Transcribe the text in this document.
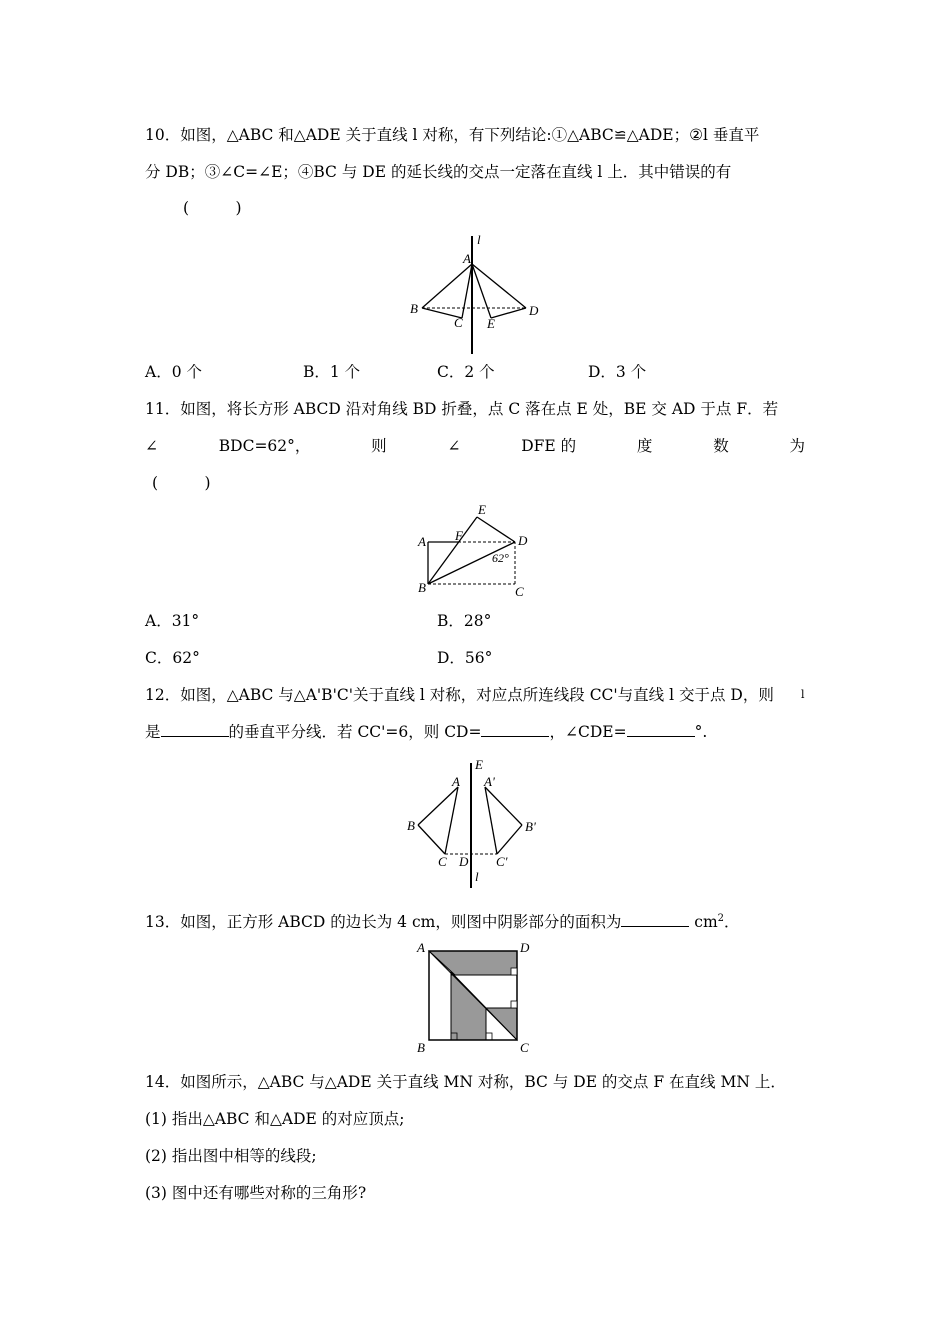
10．如图，△ABC 和△ADE 关于直线 l 对称，有下列结论:①△ABC≌△ADE；②l 垂直平
分 DB；③∠C=∠E；④BC 与 DE 的延长线的交点一定落在直线 l 上．其中错误的有
(　　　)
l
A
B
C E
D
A．0 个	B．1 个	C．2 个	D．3 个
11．如图，将长方形 ABCD 沿对角线 BD 折叠，点 C 落在点 E 处，BE 交 AD 于点 F．若
∠	BDC=62°，	则	∠	DFE 的	度	数	为
(　　　)
E
A F	D
62°
B	C
A．31°	B．28°
C．62°	D．56°
12．如图，△ABC 与△A'B'C'关于直线 l 对称，对应点所连线段 CC'与直线 l 交于点 D，则 l
是	的垂直平分线．若 CC'=6，则 CD=	，∠CDE=	°.
E
A A'
B	B'
C D C'
l
13．如图，正方形 ABCD 的边长为 4 cm，则图中阴影部分的面积为	$cm^2$．
A	D
B	C
14．如图所示，△ABC 与△ADE 关于直线 MN 对称，BC 与 DE 的交点 F 在直线 MN 上．
(1) 指出△ABC 和△ADE 的对应顶点;
(2) 指出图中相等的线段;
(3) 图中还有哪些对称的三角形?
